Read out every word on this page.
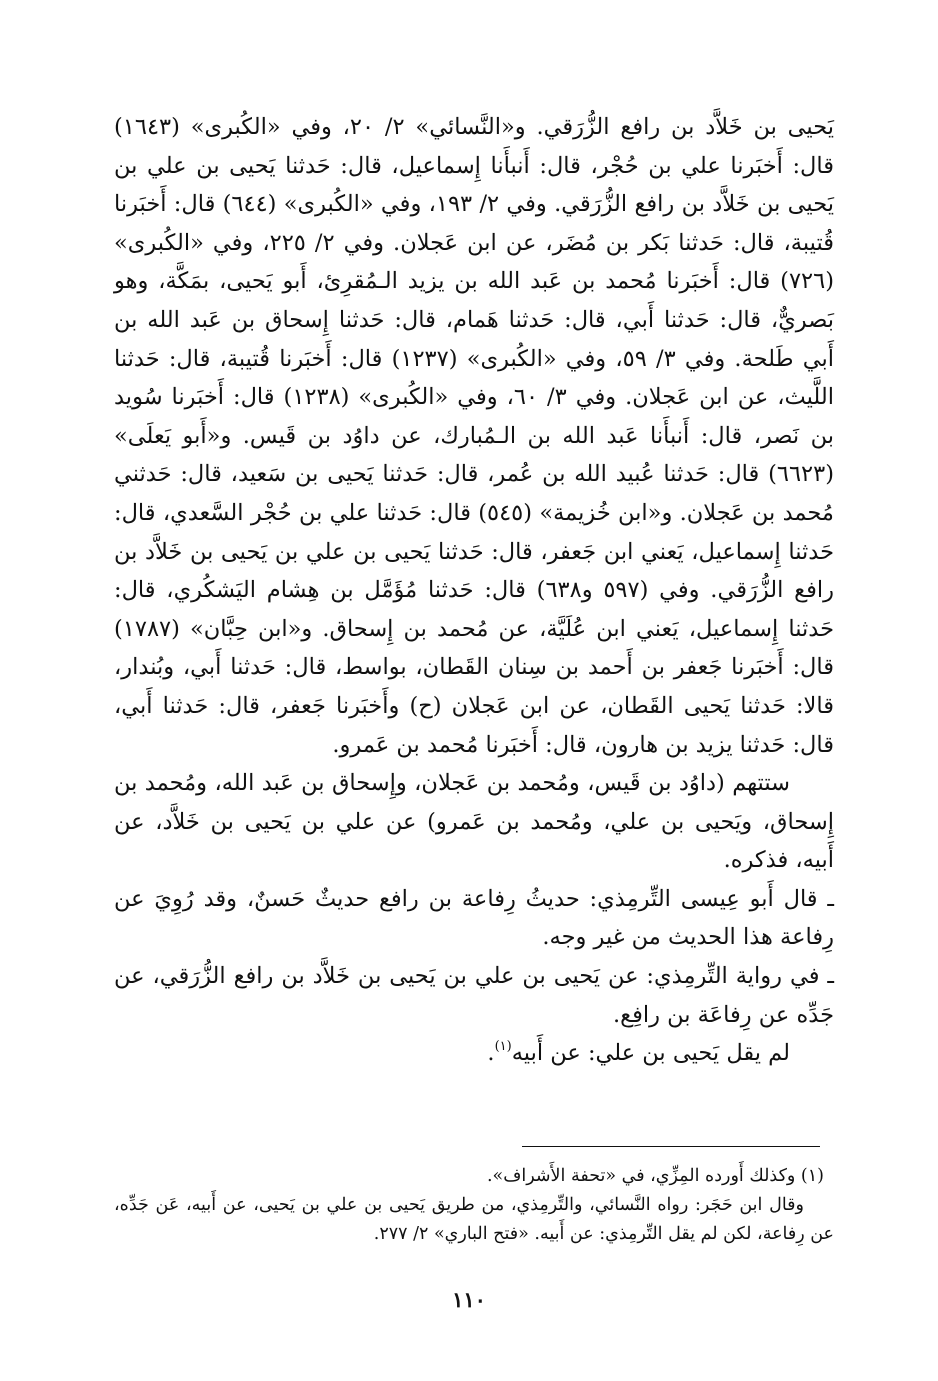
يَحيى بن خَلاَّد بن رافع الزُّرَقي. و«النَّسائي» ٢/ ٢٠، وفي «الكُبرى» (١٦٤٣) قال: أَخبَرنا علي بن حُجْر، قال: أَنبأَنا إِسماعيل، قال: حَدثنا يَحيى بن علي بن يَحيى بن خَلاَّد بن رافع الزُّرَقي. وفي ٢/ ١٩٣، وفي «الكُبرى» (٦٤٤) قال: أَخبَرنا قُتيبة، قال: حَدثنا بَكر بن مُضَر، عن ابن عَجلان. وفي ٢/ ٢٢٥، وفي «الكُبرى» (٧٢٦) قال: أَخبَرنا مُحمد بن عَبد الله بن يزيد الـمُقرِئ، أَبو يَحيى، بمَكَّة، وهو بَصريٌّ، قال: حَدثنا أَبي، قال: حَدثنا هَمام، قال: حَدثنا إِسحاق بن عَبد الله بن أَبي طَلحة. وفي ٣/ ٥٩، وفي «الكُبرى» (١٢٣٧) قال: أَخبَرنا قُتيبة، قال: حَدثنا اللَّيث، عن ابن عَجلان. وفي ٣/ ٦٠، وفي «الكُبرى» (١٢٣٨) قال: أَخبَرنا سُويد بن نَصر، قال: أَنبأَنا عَبد الله بن الـمُبارك، عن داوُد بن قَيس. و«أَبو يَعلَى» (٦٦٢٣) قال: حَدثنا عُبيد الله بن عُمر، قال: حَدثنا يَحيى بن سَعيد، قال: حَدثني مُحمد بن عَجلان. و«ابن خُزيمة» (٥٤٥) قال: حَدثنا علي بن حُجْر السَّعدي، قال: حَدثنا إِسماعيل، يَعني ابن جَعفر، قال: حَدثنا يَحيى بن علي بن يَحيى بن خَلاَّد بن رافع الزُّرَقي. وفي (٥٩٧ و٦٣٨) قال: حَدثنا مُؤَمَّل بن هِشام اليَشكُري، قال: حَدثنا إِسماعيل، يَعني ابن عُلَيَّة، عن مُحمد بن إِسحاق. و«ابن حِبَّان» (١٧٨٧) قال: أَخبَرنا جَعفر بن أَحمد بن سِنان القَطان، بواسط، قال: حَدثنا أَبي، وبُندار، قالا: حَدثنا يَحيى القَطان، عن ابن عَجلان (ح) وأَخبَرنا جَعفر، قال: حَدثنا أَبي، قال: حَدثنا يزيد بن هارون، قال: أَخبَرنا مُحمد بن عَمرو.

ستتهم (داوُد بن قَيس، ومُحمد بن عَجلان، وإِسحاق بن عَبد الله، ومُحمد بن إِسحاق، ويَحيى بن علي، ومُحمد بن عَمرو) عن علي بن يَحيى بن خَلاَّد، عن أَبيه، فذكره.

ـ قال أَبو عِيسى التِّرمِذي: حديثُ رِفاعة بن رافع حديثٌ حَسنٌ، وقد رُوِيَ عن رِفاعة هذا الحديث من غير وجه.

ـ في رواية التِّرمِذي: عن يَحيى بن علي بن يَحيى بن خَلاَّد بن رافع الزُّرَقي، عن جَدِّه عن رِفاعَة بن رافِع.

لم يقل يَحيى بن علي: عن أَبيه$^{(١)}$.

(١) وكذلك أَورده المِزِّي، في «تحفة الأَشراف».

وقال ابن حَجَر: رواه النَّسائي، والتِّرمِذي، من طريق يَحيى بن علي بن يَحيى، عن أَبيه، عَن جَدِّه، عن رِفاعة، لكن لم يقل التِّرمِذي: عن أَبيه. «فتح الباري» ٢/ ٢٧٧.

١١٠
